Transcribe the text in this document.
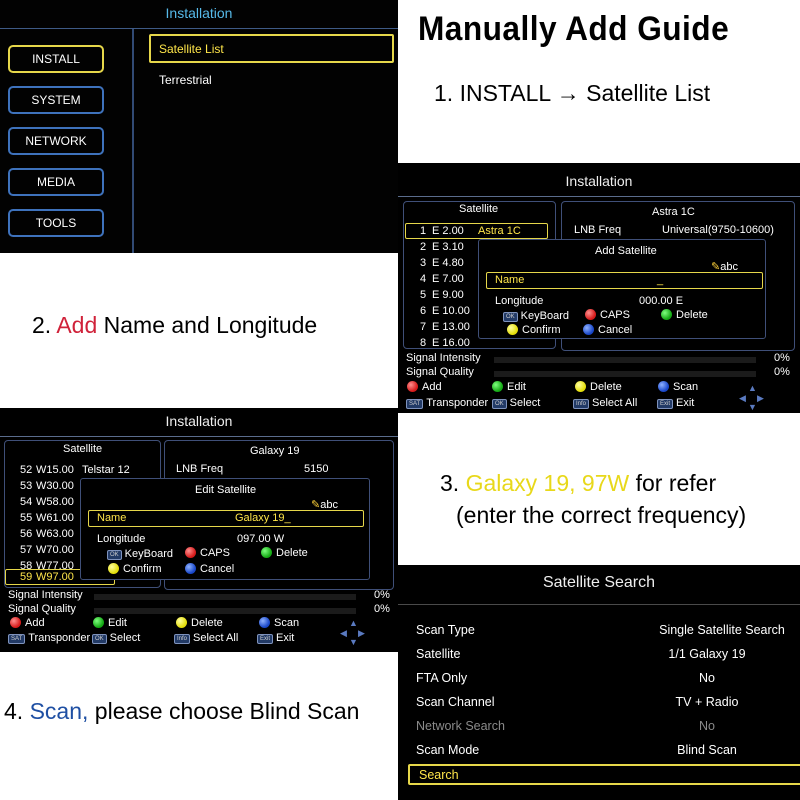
Installation
INSTALL
SYSTEM
NETWORK
MEDIA
TOOLS
Satellite List
Terrestrial
Manually Add Guide
1. INSTALL → Satellite List
2. Add Name and Longitude
3. Galaxy 19, 97W for refer
(enter the correct frequency)
4. Scan, please choose Blind Scan
Installation
Satellite
1 E 2.00 Astra 1C
2 E 3.10
3 E 4.80
4 E 7.00
5 E 9.00
6 E 10.00
7 E 13.00
8 E 16.00
Astra 1C
LNB Freq	Universal(9750-10600)
Add Satellite
✎abc
Name	_
Longitude	000.00 E
OK KeyBoard	CAPS	Delete
Confirm	Cancel
Signal Intensity	0%
Signal Quality	0%
Add	Edit	Delete	Scan
SAT Transponder	OK Select	Info Select All	Exit Exit
▲
▼
◀ ▶
Installation
Satellite
52 W15.00 Telstar 12
53 W30.00
54 W58.00
55 W61.00
56 W63.00
57 W70.00
58 W77.00
59 W97.00
Galaxy 19
LNB Freq	5150
Edit Satellite
✎abc
Name	Galaxy 19_
Longitude	097.00 W
OK KeyBoard	CAPS	Delete
Confirm	Cancel
Signal Intensity	0%
Signal Quality	0%
Add	Edit	Delete	Scan
SAT Transponder OK Select	Info Select All	Exit Exit
▲
▼
◀ ▶
Satellite Search
Scan Type	Single Satellite Search
Satellite	1/1 Galaxy 19
FTA Only	No
Scan Channel	TV + Radio
Network Search	No
Scan Mode	Blind Scan
Search
